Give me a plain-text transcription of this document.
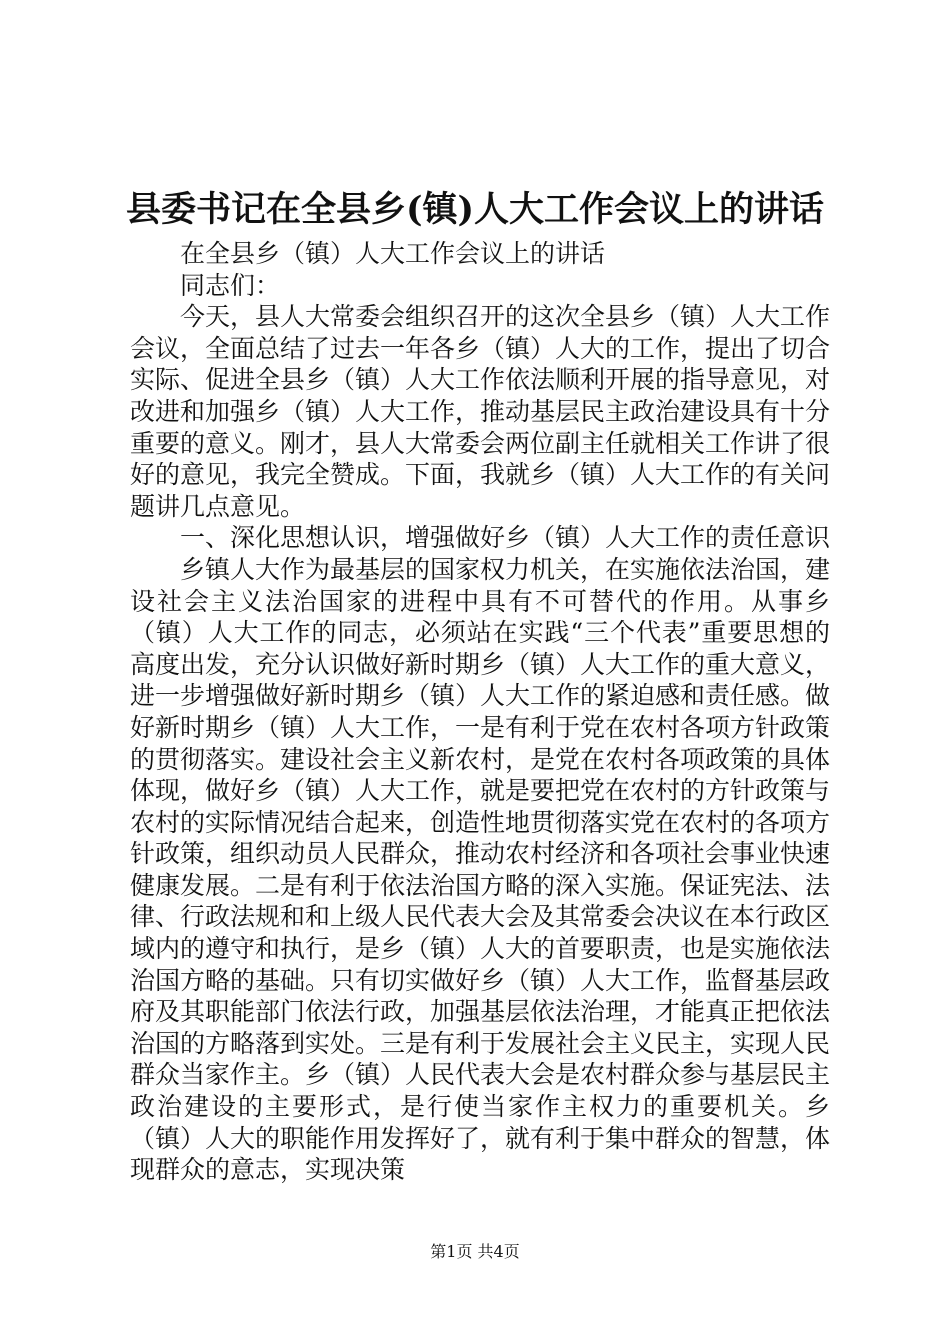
县委书记在全县乡(镇)人大工作会议上的讲话

在全县乡（镇）人大工作会议上的讲话

同志们：

今天，县人大常委会组织召开的这次全县乡（镇）人大工作会议，全面总结了过去一年各乡（镇）人大的工作，提出了切合实际、促进全县乡（镇）人大工作依法顺利开展的指导意见，对改进和加强乡（镇）人大工作，推动基层民主政治建设具有十分重要的意义。刚才，县人大常委会两位副主任就相关工作讲了很好的意见，我完全赞成。下面，我就乡（镇）人大工作的有关问题讲几点意见。

一、深化思想认识，增强做好乡（镇）人大工作的责任意识

乡镇人大作为最基层的国家权力机关，在实施依法治国，建设社会主义法治国家的进程中具有不可替代的作用。从事乡（镇）人大工作的同志，必须站在实践“三个代表”重要思想的高度出发，充分认识做好新时期乡（镇）人大工作的重大意义，进一步增强做好新时期乡（镇）人大工作的紧迫感和责任感。做好新时期乡（镇）人大工作，一是有利于党在农村各项方针政策的贯彻落实。建设社会主义新农村，是党在农村各项政策的具体体现，做好乡（镇）人大工作，就是要把党在农村的方针政策与农村的实际情况结合起来，创造性地贯彻落实党在农村的各项方针政策，组织动员人民群众，推动农村经济和各项社会事业快速健康发展。二是有利于依法治国方略的深入实施。保证宪法、法律、行政法规和和上级人民代表大会及其常委会决议在本行政区域内的遵守和执行，是乡（镇）人大的首要职责，也是实施依法治国方略的基础。只有切实做好乡（镇）人大工作，监督基层政府及其职能部门依法行政，加强基层依法治理，才能真正把依法治国的方略落到实处。三是有利于发展社会主义民主，实现人民群众当家作主。乡（镇）人民代表大会是农村群众参与基层民主政治建设的主要形式，是行使当家作主权力的重要机关。乡（镇）人大的职能作用发挥好了，就有利于集中群众的智慧，体现群众的意志，实现决策

第1页 共4页
